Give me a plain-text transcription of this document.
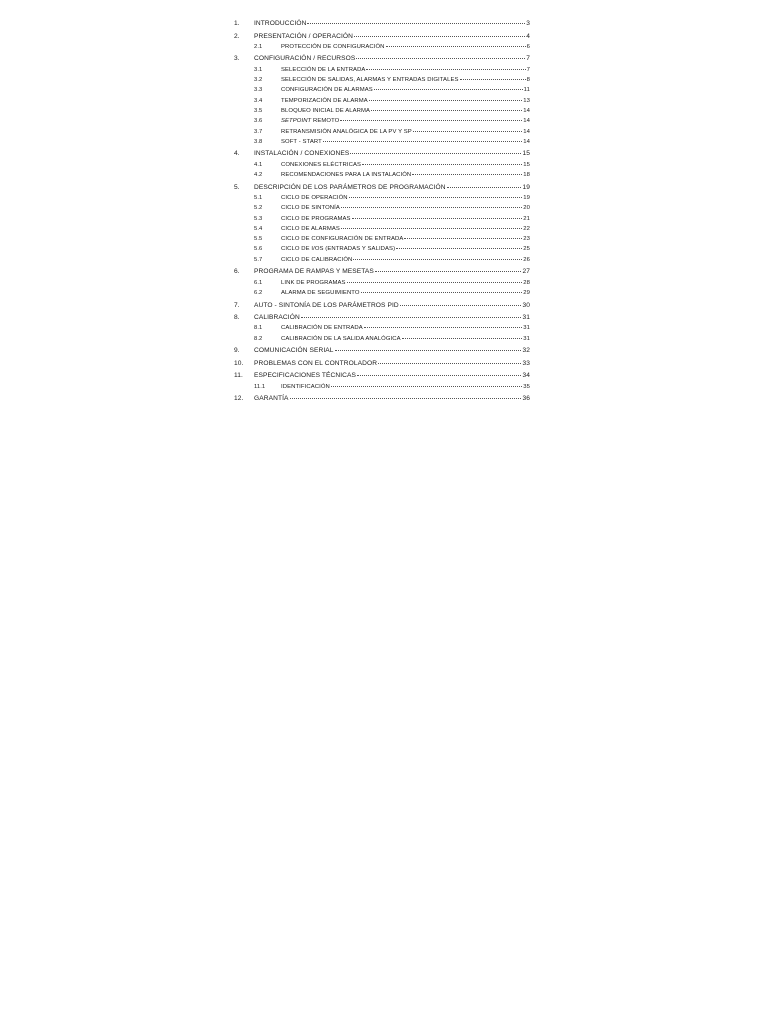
1.	INTRODUCCIÓN	3
2.	PRESENTACIÓN / OPERACIÓN	4
2.1	PROTECCIÓN DE CONFIGURACIÓN	6
3.	CONFIGURACIÓN / RECURSOS	7
3.1	SELECCIÓN DE LA ENTRADA	7
3.2	SELECCIÓN DE SALIDAS, ALARMAS Y ENTRADAS DIGITALES	8
3.3	CONFIGURACIÓN DE ALARMAS	11
3.4	TEMPORIZACIÓN DE ALARMA	13
3.5	BLOQUEO INICIAL DE ALARMA	14
3.6	SETPOINT REMOTO	14
3.7	RETRANSMISIÓN ANALÓGICA DE LA PV Y SP	14
3.8	SOFT - START	14
4.	INSTALACIÓN / CONEXIONES	15
4.1	CONEXIONES ELÉCTRICAS	15
4.2	RECOMENDACIONES PARA LA INSTALACIÓN	18
5.	DESCRIPCIÓN DE LOS PARÁMETROS DE PROGRAMACIÓN	19
5.1	CICLO DE OPERACIÓN	19
5.2	CICLO DE SINTONÍA	20
5.3	CICLO DE PROGRAMAS	21
5.4	CICLO DE ALARMAS	22
5.5	CICLO DE CONFIGURACIÓN DE ENTRADA	23
5.6	CICLO DE I/OS (ENTRADAS Y SALIDAS)	25
5.7	CICLO DE CALIBRACIÓN	26
6.	PROGRAMA DE RAMPAS Y MESETAS	27
6.1	LINK DE PROGRAMAS	28
6.2	ALARMA DE SEGUIMIENTO	29
7.	AUTO - SINTONÍA DE LOS PARÁMETROS PID	30
8.	CALIBRACIÓN	31
8.1	CALIBRACIÓN DE ENTRADA	31
8.2	CALIBRACIÓN DE LA SALIDA ANALÓGICA	31
9.	COMUNICACIÓN SERIAL	32
10.	PROBLEMAS CON EL CONTROLADOR	33
11.	ESPECIFICACIONES TÉCNICAS	34
11.1	IDENTIFICACIÓN	35
12.	GARANTÍA	36
